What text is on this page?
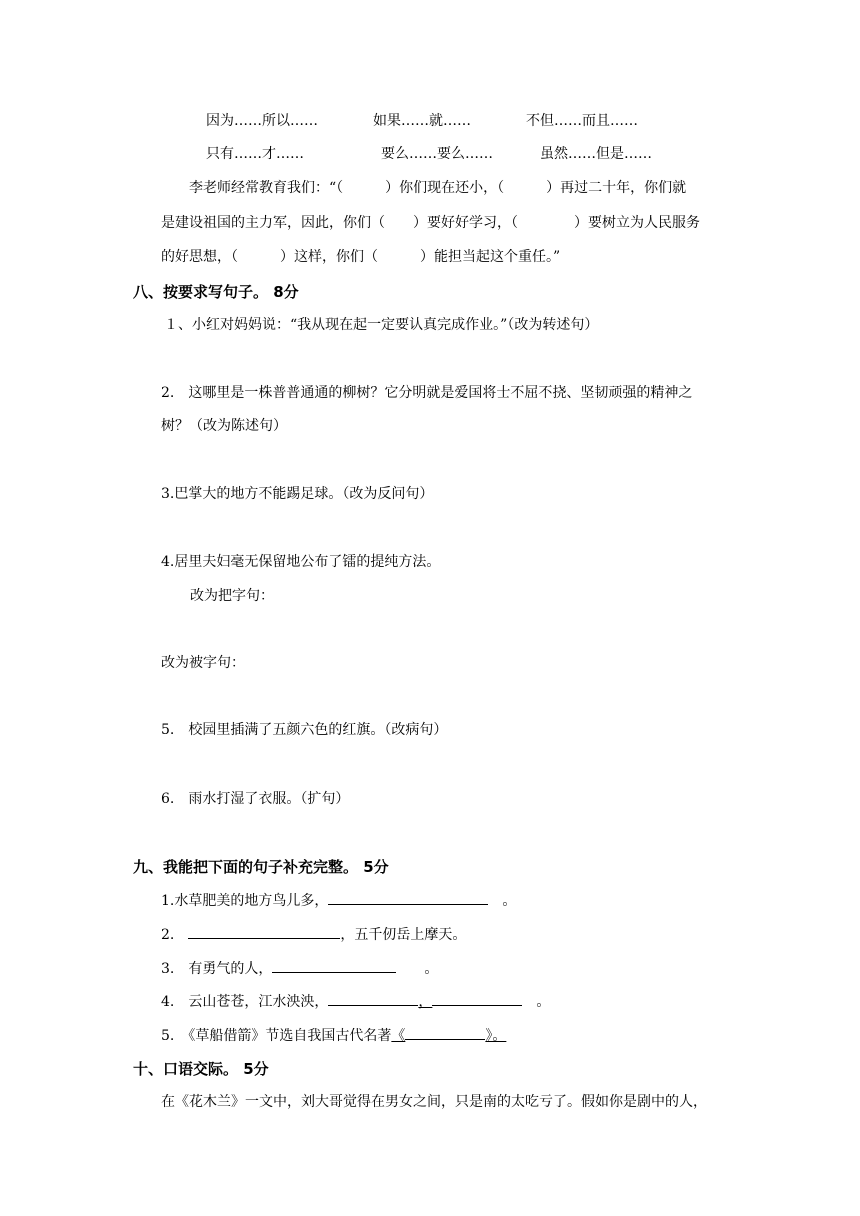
因为……所以……	如果……就……	不但……而且……
只有……才……	要么……要么……	虽然……但是……
李老师经常教育我们：“（　　　）你们现在还小，（　　　）再过二十年，你们就
是建设祖国的主力军，因此，你们（　　）要好好学习，（　　　　）要树立为人民服务
的好思想，（　　　）这样，你们（　　　）能担当起这个重任。”
八、按要求写句子。 8分
１、小红对妈妈说：“我从现在起一定要认真完成作业。”（改为转述句）
2.　这哪里是一株普普通通的柳树？它分明就是爱国将士不屈不挠、坚韧顽强的精神之
树？（改为陈述句）
3.巴掌大的地方不能踢足球。（改为反问句）
4.居里夫妇毫无保留地公布了镭的提纯方法。
改为把字句：
改为被字句：
5.　校园里插满了五颜六色的红旗。（改病句）
6.　雨水打湿了衣服。（扩句）
九、我能把下面的句子补充完整。 5分
1.水草肥美的地方鸟儿多，	　。
2.　	，五千仞岳上摩天。
3.　有勇气的人，	　　。
4.　云山苍苍，江水泱泱，	，	　。
5.　《草船借箭》节选自我国古代名著《	》。
十、口语交际。 5分
在《花木兰》一文中，刘大哥觉得在男女之间，只是南的太吃亏了。假如你是剧中的人，
